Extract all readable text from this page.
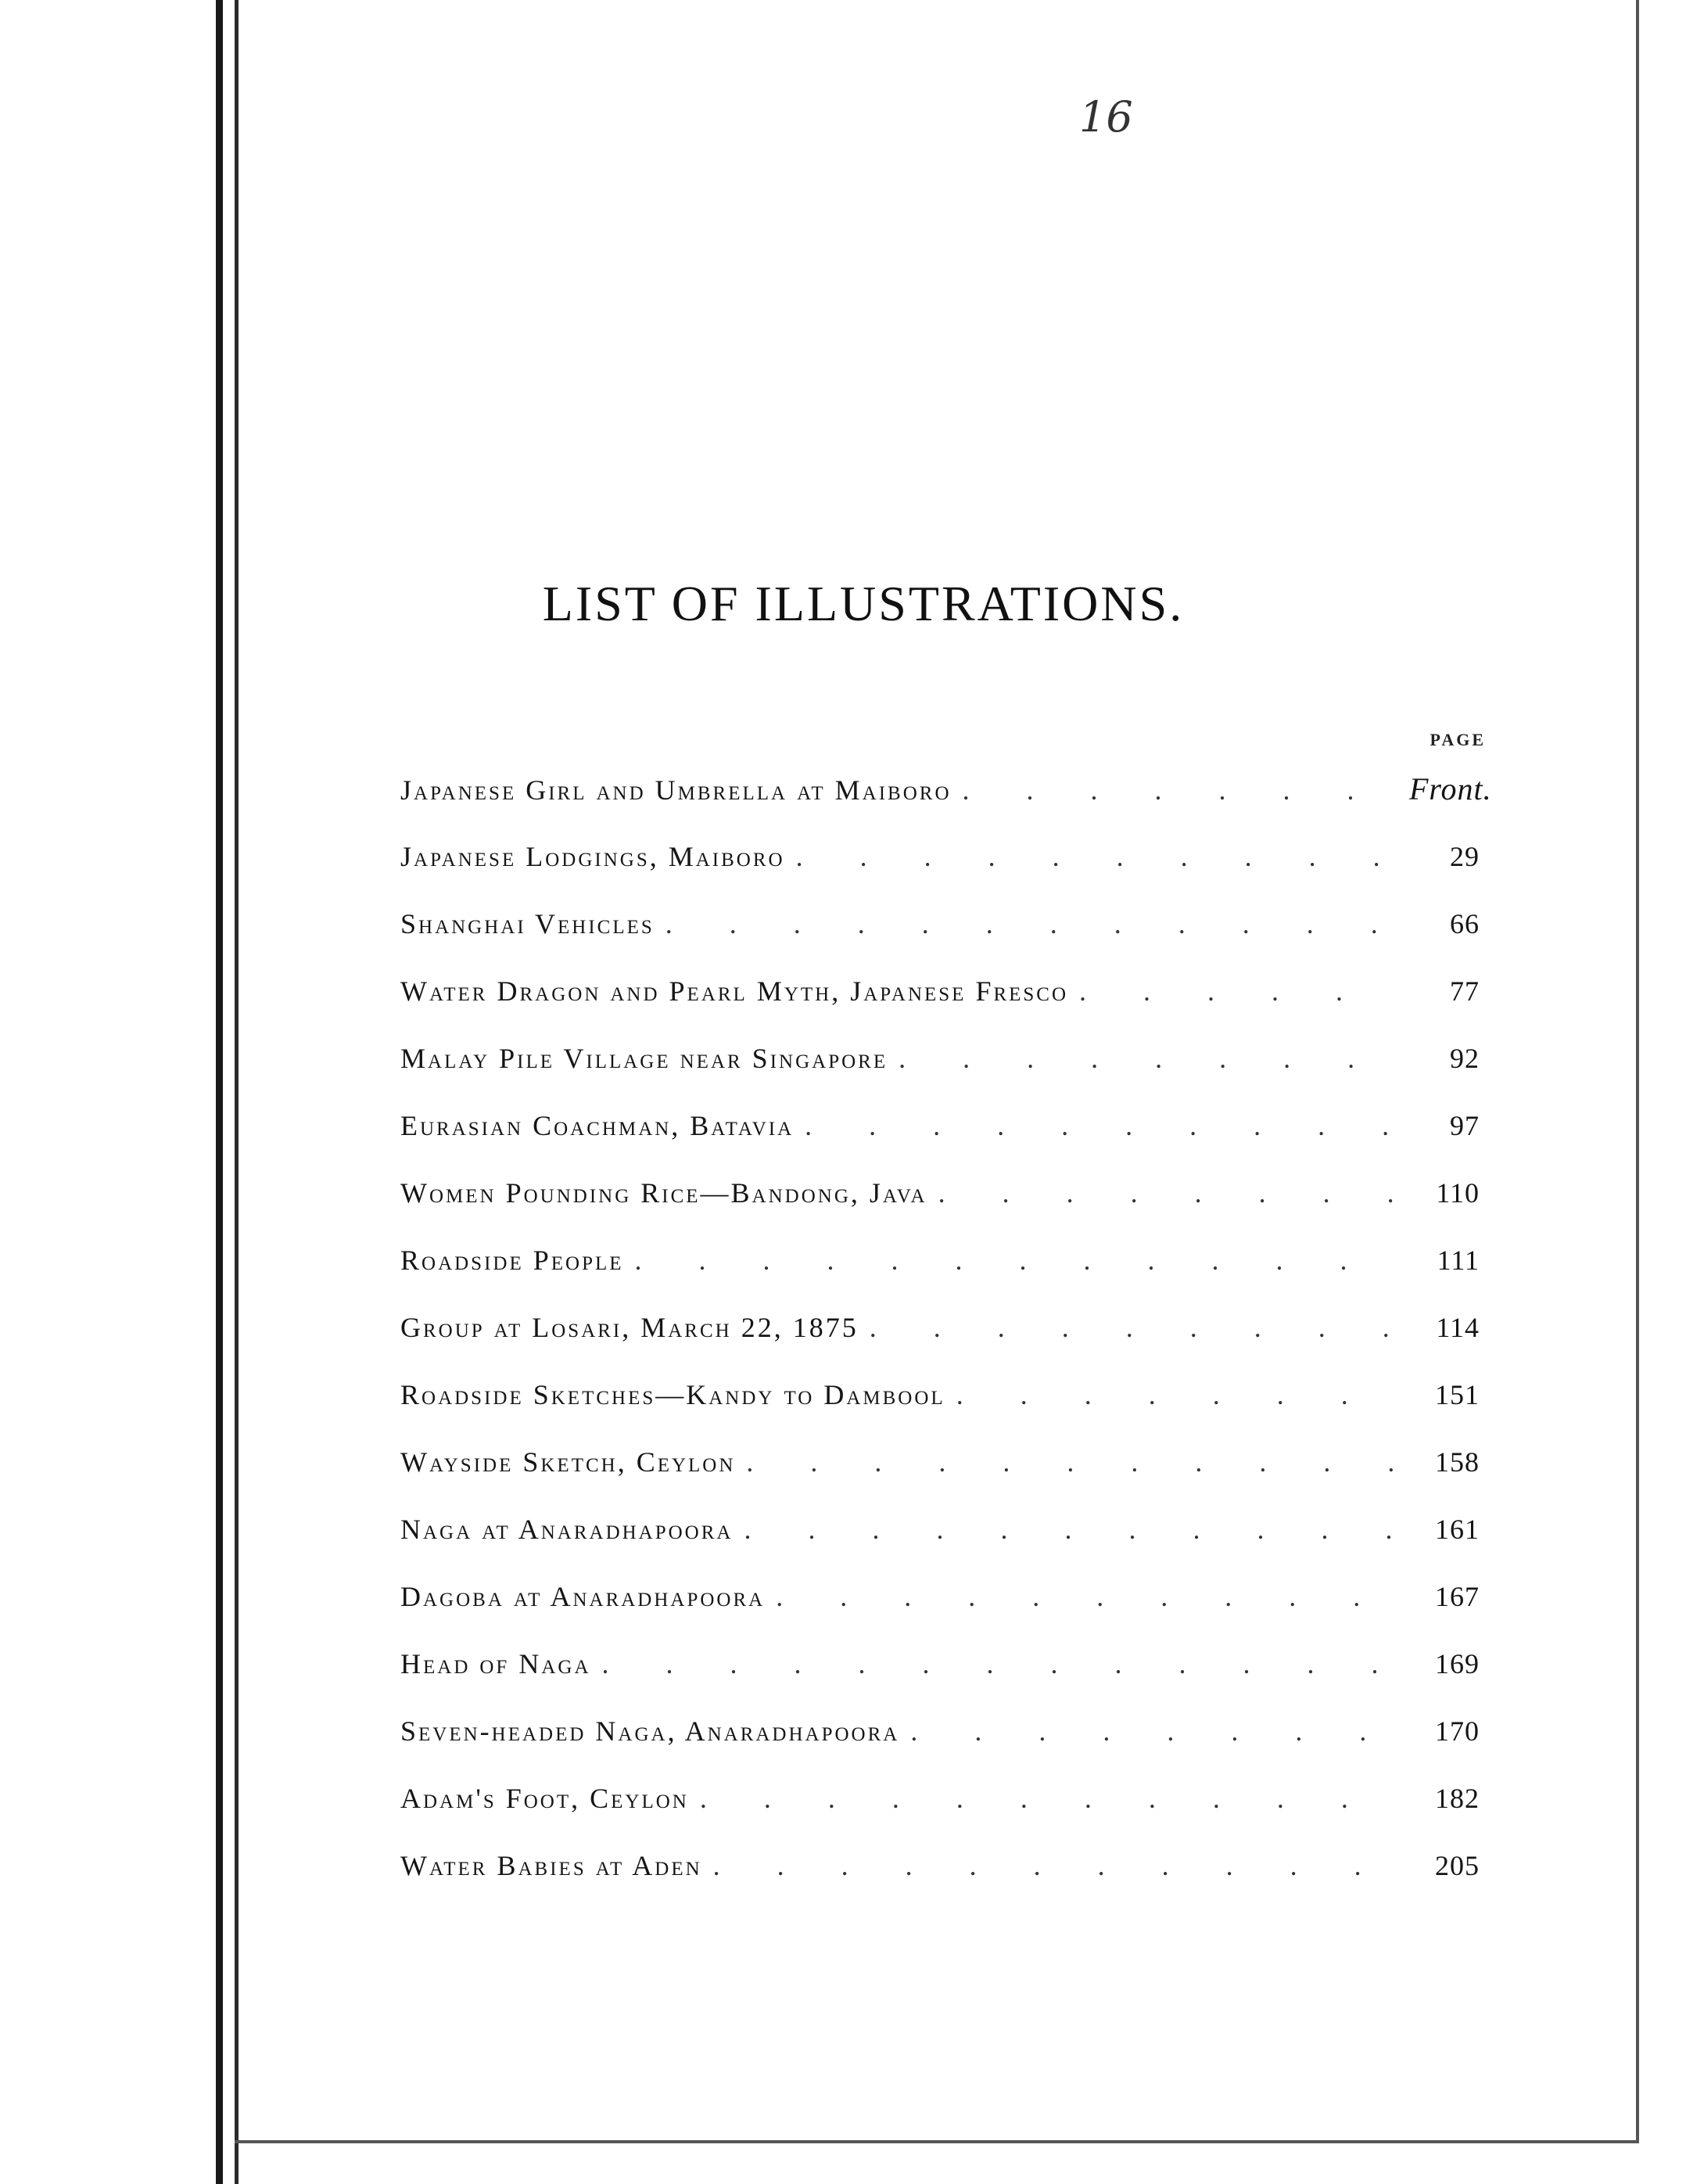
16
LIST OF ILLUSTRATIONS.
PAGE
Japanese Girl and Umbrella at Maiboro . . .	Front.
Japanese Lodgings, Maiboro . . .	29
Shanghai Vehicles . . .	66
Water Dragon and Pearl Myth, Japanese Fresco . . .	77
Malay Pile Village near Singapore . . .	92
Eurasian Coachman, Batavia . . .	97
Women Pounding Rice—Bandong, Java . . .	110
Roadside People . . .	111
Group at Losari, March 22, 1875 . . .	114
Roadside Sketches—Kandy to Dambool . . .	151
Wayside Sketch, Ceylon . . .	158
Naga at Anaradhapoora . . .	161
Dagoba at Anaradhapoora . . .	167
Head of Naga . . .	169
Seven-headed Naga, Anaradhapoora . . .	170
Adam's Foot, Ceylon . . .	182
Water Babies at Aden . . .	205
